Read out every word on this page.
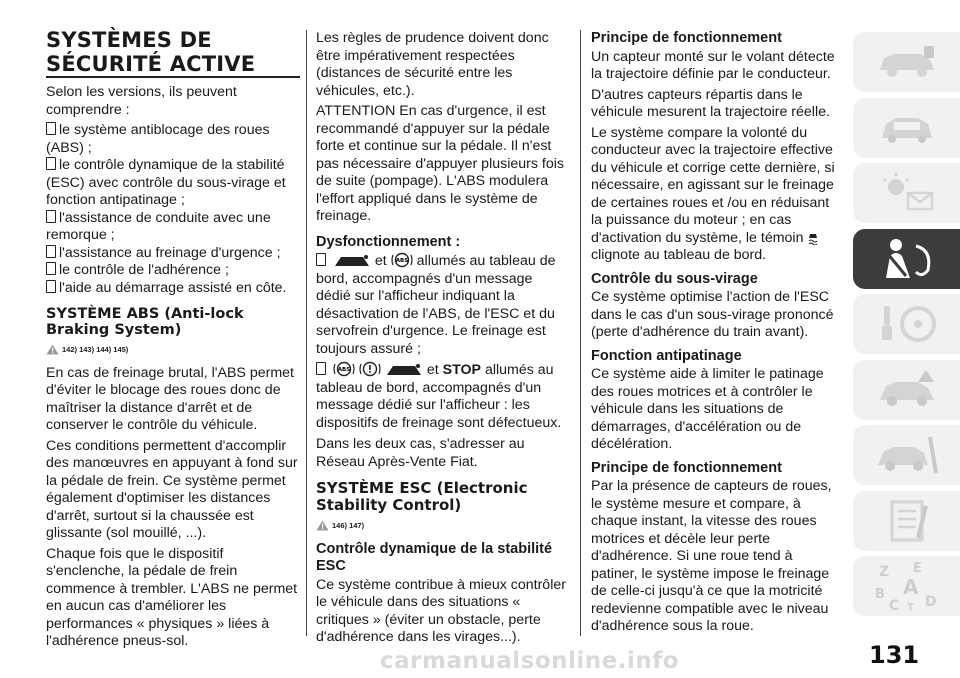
SYSTÈMES DE
SÉCURITÉ ACTIVE

Selon les versions, ils peuvent comprendre :

le système antiblocage des roues (ABS) ;
le contrôle dynamique de la stabilité (ESC) avec contrôle du sous-virage et fonction antipatinage ;
l'assistance de conduite avec une remorque ;
l'assistance au freinage d'urgence ;
le contrôle de l'adhérence ;
l'aide au démarrage assisté en côte.
SYSTÈME ABS (Anti-lock Braking System)
142) 143) 144) 145)

En cas de freinage brutal, l'ABS permet d'éviter le blocage des roues donc de maîtriser la distance d'arrêt et de conserver le contrôle du véhicule.

Ces conditions permettent d'accomplir des manœuvres en appuyant à fond sur la pédale de frein. Ce système permet également d'optimiser les distances d'arrêt, surtout si la chaussée est glissante (sol mouillé, ...).

Chaque fois que le dispositif s'enclenche, la pédale de frein commence à trembler. L'ABS ne permet en aucun cas d'améliorer les performances « physiques » liées à l'adhérence pneus-sol.

Les règles de prudence doivent donc être impérativement respectées (distances de sécurité entre les véhicules, etc.).

ATTENTION En cas d'urgence, il est recommandé d'appuyer sur la pédale forte et continue sur la pédale. Il n'est pas nécessaire d'appuyer plusieurs fois de suite (pompage). L'ABS modulera l'effort appliqué dans le système de freinage.

Dysfonctionnement :
et ABS allumés au tableau de bord, accompagnés d'un message dédié sur l'afficheur indiquant la désactivation de l'ABS, de l'ESC et du servofrein d'urgence. Le freinage est toujours assuré ;

ABS	et STOP allumés au tableau de bord, accompagnés d'un message dédié sur l'afficheur : les dispositifs de freinage sont défectueux.

Dans les deux cas, s'adresser au Réseau Après-Vente Fiat.

SYSTÈME ESC (Electronic Stability Control)
146) 147)
Contrôle dynamique de la stabilité ESC

Ce système contribue à mieux contrôler le véhicule dans des situations « critiques » (éviter un obstacle, perte d'adhérence dans les virages...).

Principe de fonctionnement

Un capteur monté sur le volant détecte la trajectoire définie par le conducteur.

D'autres capteurs répartis dans le véhicule mesurent la trajectoire réelle.

Le système compare la volonté du conducteur avec la trajectoire effective du véhicule et corrige cette dernière, si nécessaire, en agissant sur le freinage de certaines roues et /ou en réduisant la puissance du moteur ; en cas d'activation du système, le témoin  clignote au tableau de bord.

Contrôle du sous-virage

Ce système optimise l'action de l'ESC dans le cas d'un sous-virage prononcé (perte d'adhérence du train avant).

Fonction antipatinage

Ce système aide à limiter le patinage des roues motrices et à contrôler le véhicule dans les situations de démarrages, d'accélération ou de décélération.

Principe de fonctionnement

Par la présence de capteurs de roues, le système mesure et compare, à chaque instant, la vitesse des roues motrices et décèle leur perte d'adhérence. Si une roue tend à patiner, le système impose le freinage de celle-ci jusqu'à ce que la motricité redevienne compatible avec le niveau d'adhérence sous la roue.

Z E
A
B
C D
T
carmanualsonline.info	131
